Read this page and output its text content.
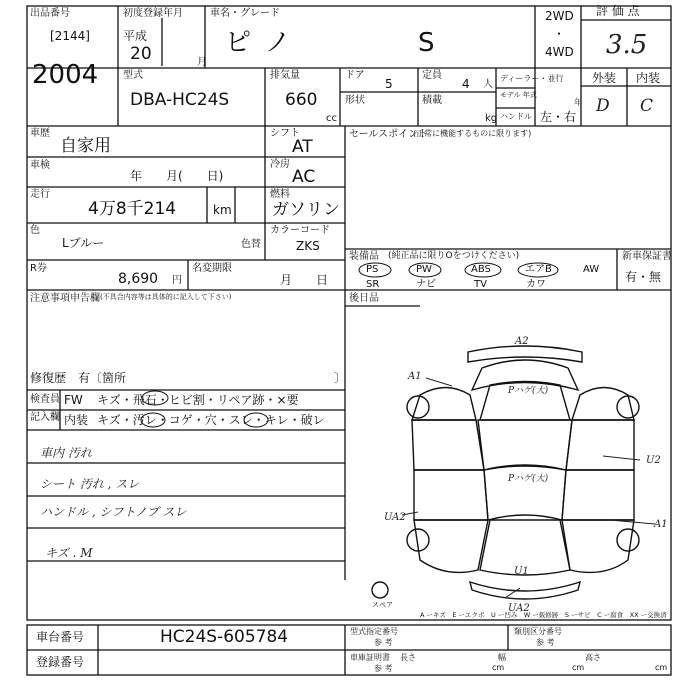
出品番号
[2144]
2004
初度登録年月
平成
20	月
車名・グレード
ピノ	S
2WD
・
4WD
評 価 点
3.5
型式
DBA-HC24S
排気量
660
cc
ドア
5
形状
定員
4 人
積載
kg
ディーラー・並行
モデル 年式
年
ハンドル 左・右
外装 内装
D C
車歴
自家用
シフト
AT
車検
年　　月(　　日)
冷房
AC
走行
4万8千214	km
燃料
ガソリン
色
Lブルー	色替
カラーコード
ZKS
R券
8,690 円
名変期限
月　　日
セールスポイント
(正常に機能するものに限ります)
装備品 (純正品に限りOをつけください)
PS	PW	ABS	エアB	AW
SR	ナビ	TV	カワ
新車保証書
有・無
注意事項申告欄 (不具合内容等は具体的に記入して下さい)
修復歴　有〔箇所	〕
後日品
検査員
記入欄
FW キズ・飛石・ヒビ割・リペア跡・×要
内装 キズ・汚レ・コゲ・穴・スレ・キレ・破レ
車内 汚れ
シート 汚れ , スレ
ハンドル , シフトノブ スレ
キズ . M
A2
A1
Pハゲ(大)
Pハゲ(大)
U2
UA2
A1
U1
UA2
スペア
A ーキズ　E ーエクボ　U ー凹み　W ー鈑修跡　S ーサビ　C ー腐食　XX ー交換済
車台番号	HC24S-605784
登録番号
型式指定番号
参 考
類別区分番号
参 考
車庫証明書
参 考
長さ
cm
幅
cm
高さ
cm
